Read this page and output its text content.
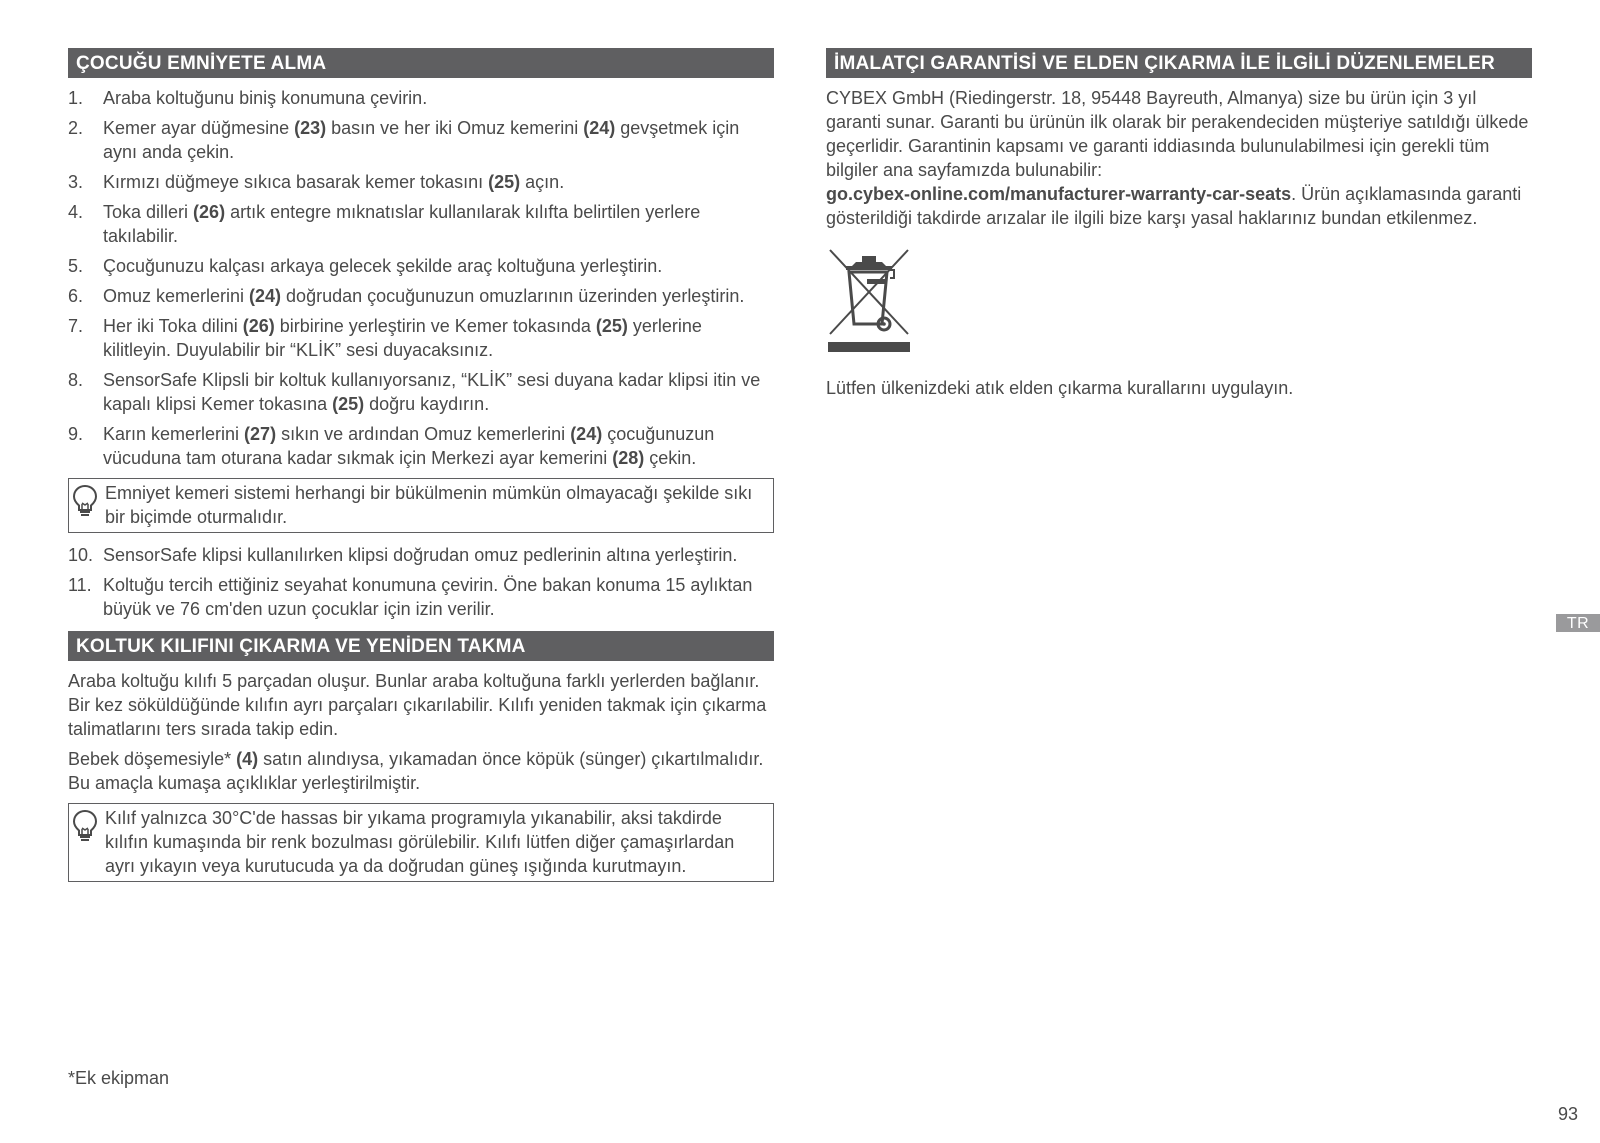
ÇOCUĞU EMNİYETE ALMA
1. Araba koltuğunu biniş konumuna çevirin.
2. Kemer ayar düğmesine (23) basın ve her iki Omuz kemerini (24) gevşetmek için aynı anda çekin.
3. Kırmızı düğmeye sıkıca basarak kemer tokasını (25) açın.
4. Toka dilleri (26) artık entegre mıknatıslar kullanılarak kılıfta belirtilen yerlere takılabilir.
5. Çocuğunuzu kalçası arkaya gelecek şekilde araç koltuğuna yerleştirin.
6. Omuz kemerlerini (24) doğrudan çocuğunuzun omuzlarının üzerinden yerleştirin.
7. Her iki Toka dilini (26) birbirine yerleştirin ve Kemer tokasında (25) yerlerine kilitleyin. Duyulabilir bir “KLİK” sesi duyacaksınız.
8. SensorSafe Klipsli bir koltuk kullanıyorsanız, “KLİK” sesi duyana kadar klipsi itin ve kapalı klipsi Kemer tokasına (25) doğru kaydırın.
9. Karın kemerlerini (27) sıkın ve ardından Omuz kemerlerini (24) çocuğunuzun vücuduna tam oturana kadar sıkmak için Merkezi ayar kemerini (28) çekin.
Emniyet kemeri sistemi herhangi bir bükülmenin mümkün olmayacağı şekilde sıkı bir biçimde oturmalıdır.
10. SensorSafe klipsi kullanılırken klipsi doğrudan omuz pedlerinin altına yerleştirin.
11. Koltuğu tercih ettiğiniz seyahat konumuna çevirin. Öne bakan konuma 15 aylıktan büyük ve 76 cm'den uzun çocuklar için izin verilir.
KOLTUK KILIFINI ÇIKARMA VE YENİDEN TAKMA

Araba koltuğu kılıfı 5 parçadan oluşur. Bunlar araba koltuğuna farklı yerlerden bağlanır. Bir kez söküldüğünde kılıfın ayrı parçaları çıkarılabilir. Kılıfı yeniden takmak için çıkarma talimatlarını ters sırada takip edin.

Bebek döşemesiyle* (4) satın alındıysa, yıkamadan önce köpük (sünger) çıkartılmalıdır. Bu amaçla kumaşa açıklıklar yerleştirilmiştir.

Kılıf yalnızca 30°C'de hassas bir yıkama programıyla yıkanabilir, aksi takdirde kılıfın kumaşında bir renk bozulması görülebilir. Kılıfı lütfen diğer çamaşırlardan ayrı yıkayın veya kurutucuda ya da doğrudan güneş ışığında kurutmayın.
İMALATÇI GARANTİSİ VE ELDEN ÇIKARMA İLE İLGİLİ DÜZENLEMELER

CYBEX GmbH (Riedingerstr. 18, 95448 Bayreuth, Almanya) size bu ürün için 3 yıl garanti sunar. Garanti bu ürünün ilk olarak bir perakendeciden müşteriye satıldığı ülkede geçerlidir. Garantinin kapsamı ve garanti iddiasında bulunulabilmesi için gerekli tüm bilgiler ana sayfamızda bulunabilir:
go.cybex-online.com/manufacturer-warranty-car-seats. Ürün açıklamasında garanti gösterildiği takdirde arızalar ile ilgili bize karşı yasal haklarınız bundan etkilenmez.

Lütfen ülkenizdeki atık elden çıkarma kurallarını uygulayın.

*Ek ekipman
93
TR
